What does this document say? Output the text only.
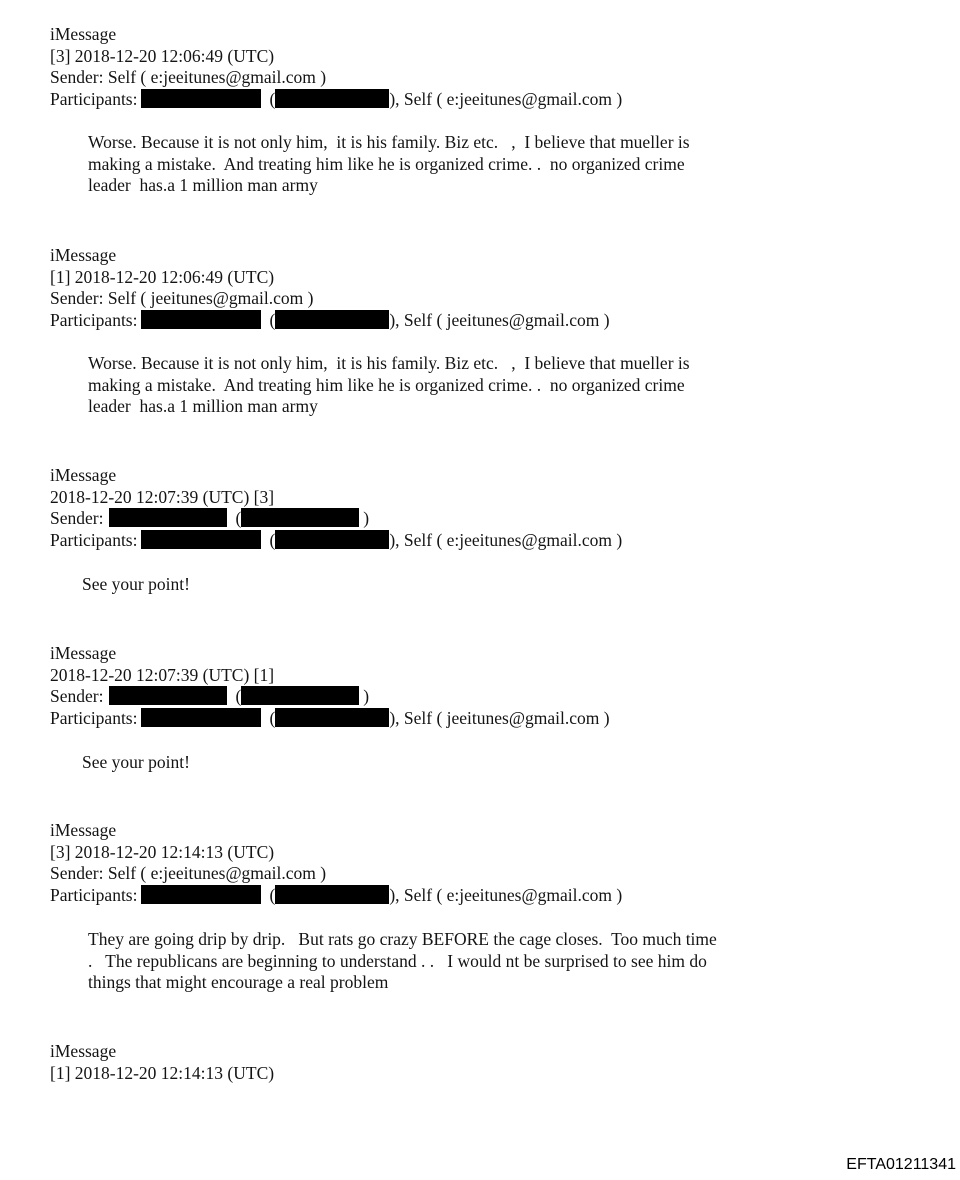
iMessage
[3] 2018-12-20 12:06:49 (UTC)
Sender: Self ( e:jeeitunes@gmail.com )
Participants:	(	), Self ( e:jeeitunes@gmail.com )
Worse. Because it is not only him,  it is his family. Biz etc.   ,  I believe that mueller is
making a mistake.  And treating him like he is organized crime. .  no organized crime
leader  has.a 1 million man army
iMessage
[1] 2018-12-20 12:06:49 (UTC)
Sender: Self ( jeeitunes@gmail.com )
Participants:	(	), Self ( jeeitunes@gmail.com )
Worse. Because it is not only him,  it is his family. Biz etc.   ,  I believe that mueller is
making a mistake.  And treating him like he is organized crime. .  no organized crime
leader  has.a 1 million man army
iMessage
2018-12-20 12:07:39 (UTC) [3]
Sender:	(	)
Participants:	(	), Self ( e:jeeitunes@gmail.com )
See your point!
iMessage
2018-12-20 12:07:39 (UTC) [1]
Sender:	(	)
Participants:	(	), Self ( jeeitunes@gmail.com )
See your point!
iMessage
[3] 2018-12-20 12:14:13 (UTC)
Sender: Self ( e:jeeitunes@gmail.com )
Participants:	(	), Self ( e:jeeitunes@gmail.com )
They are going drip by drip.   But rats go crazy BEFORE the cage closes.  Too much time
.   The republicans are beginning to understand . .   I would nt be surprised to see him do
things that might encourage a real problem
iMessage
[1] 2018-12-20 12:14:13 (UTC)
EFTA01211341
